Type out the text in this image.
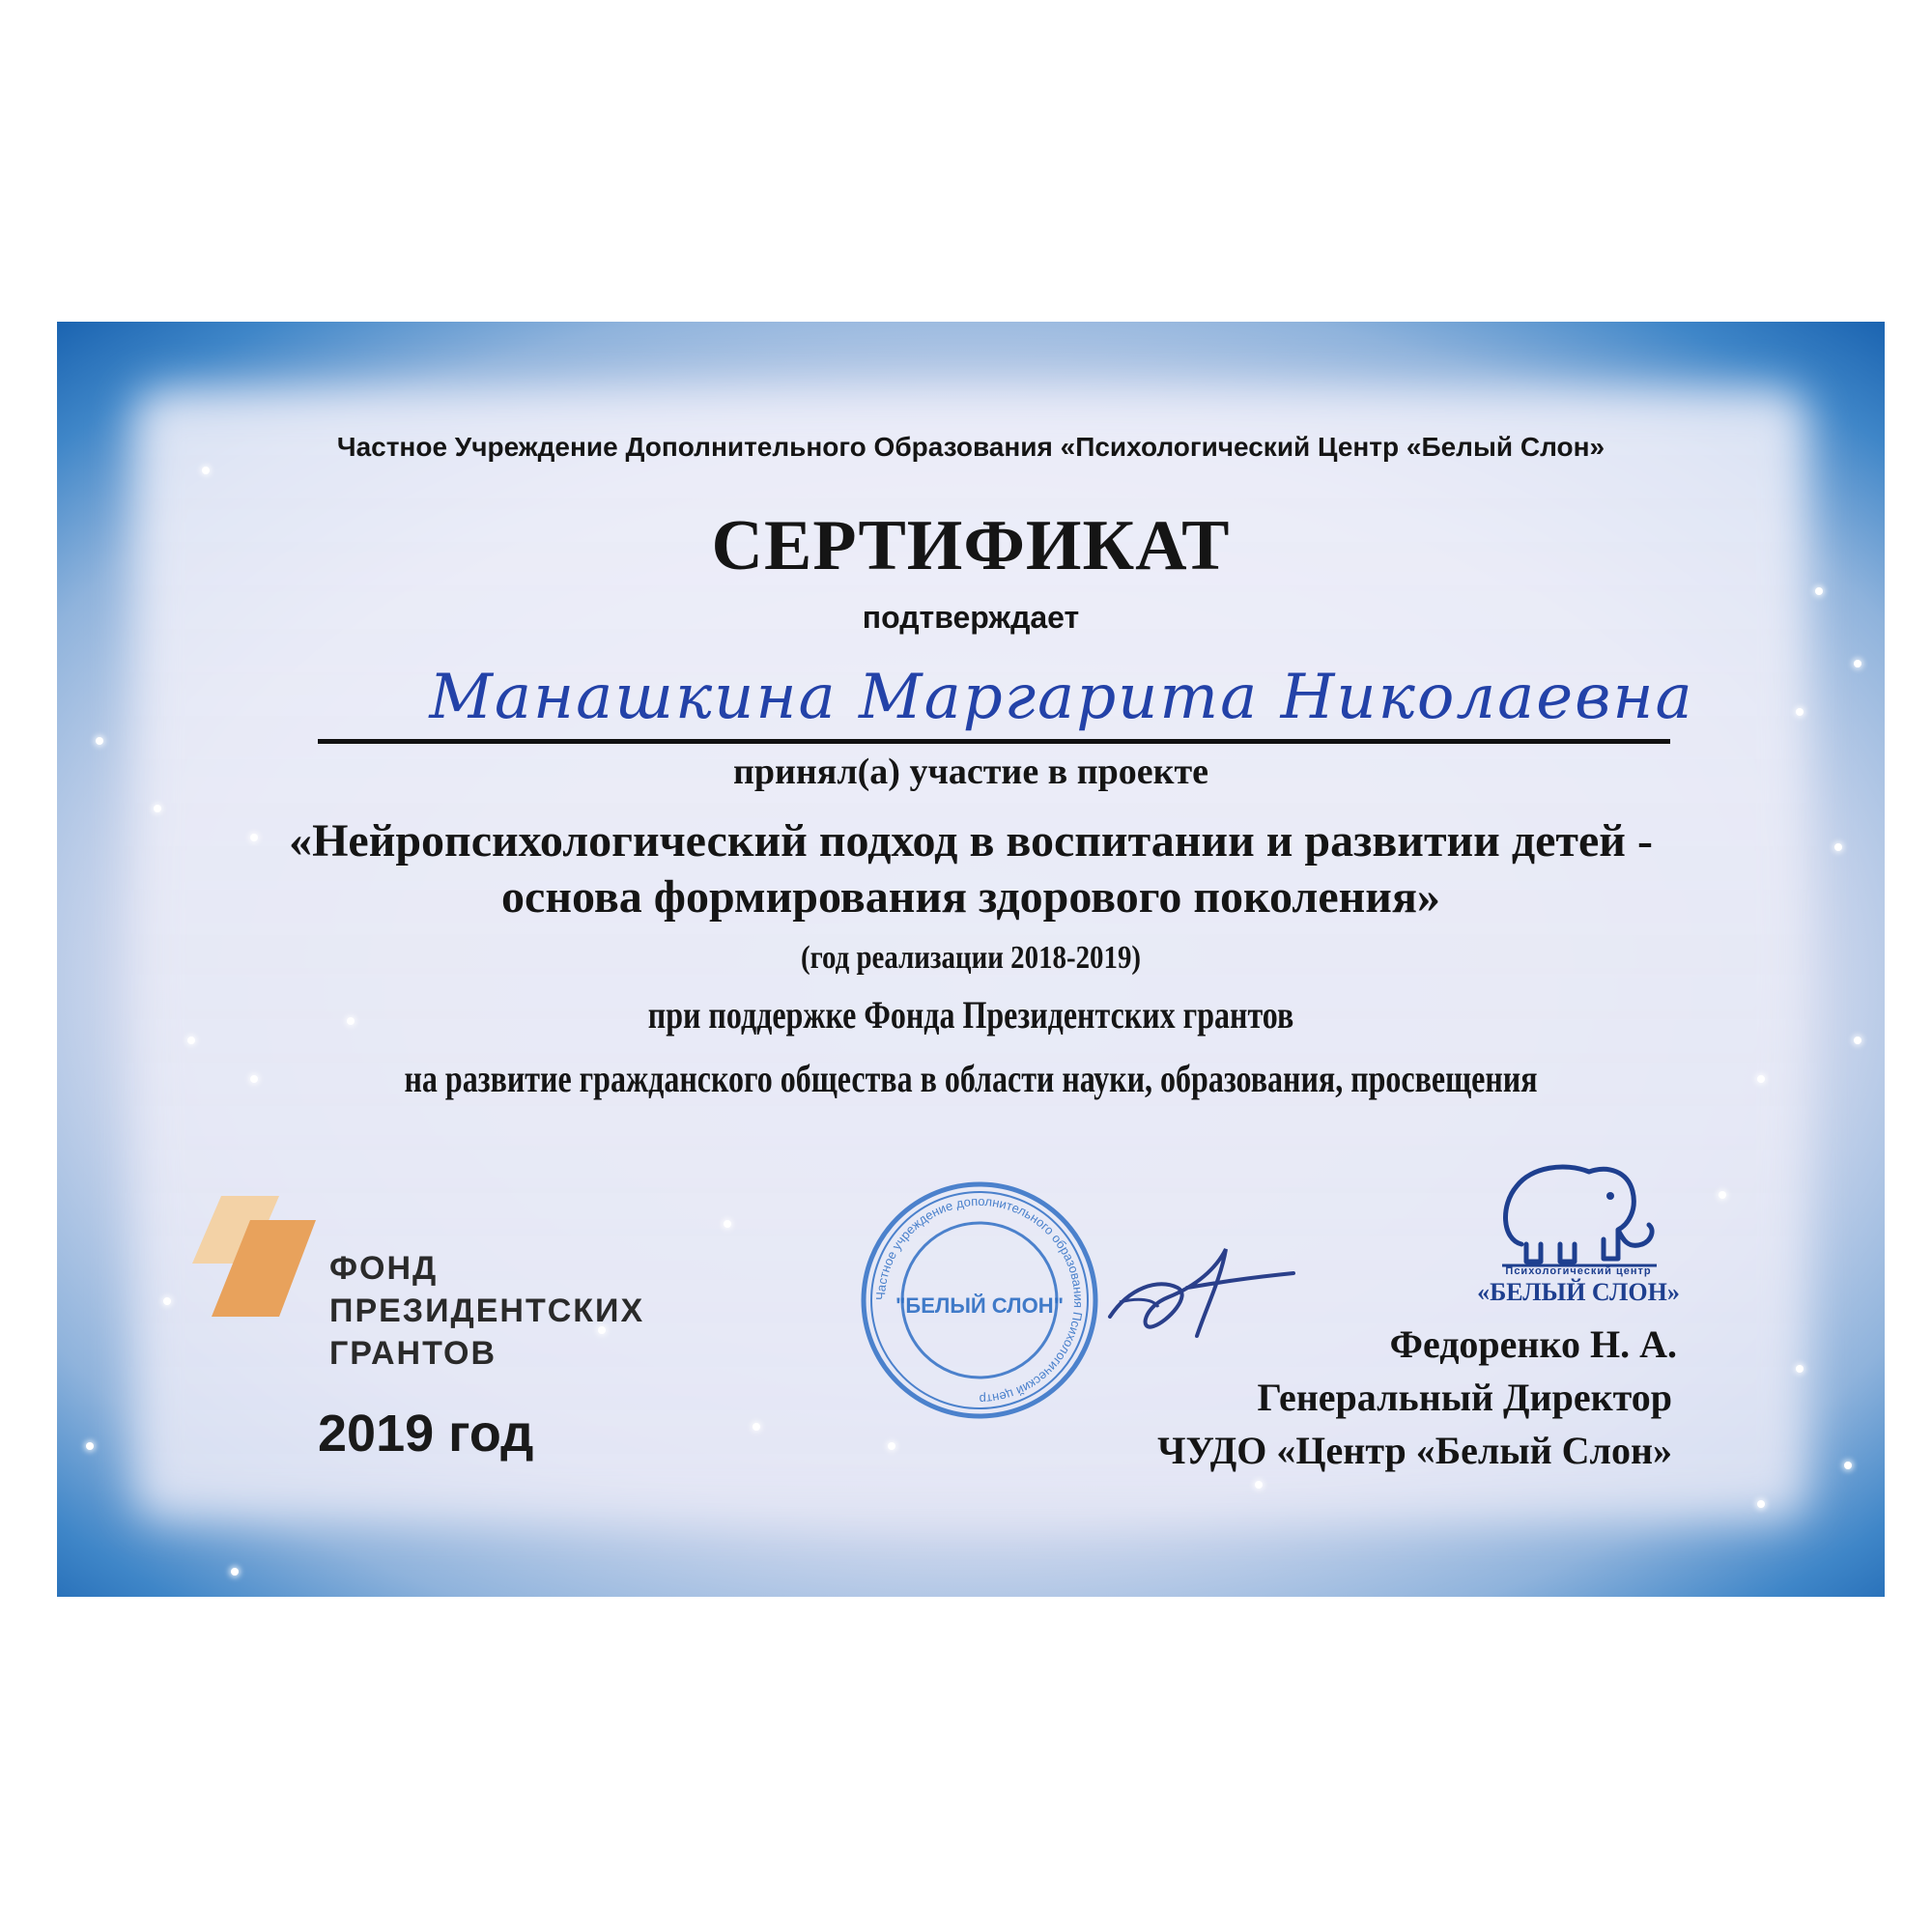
Частное Учреждение Дополнительного Образования «Психологический Центр «Белый Слон»
СЕРТИФИКАТ
подтверждает
Манашкина Маргарита Николаевна
принял(а) участие в проекте
«Нейропсихологический подход в воспитании и развитии детей -
основа формирования здорового поколения»
(год реализации 2018-2019)
при поддержке Фонда Президентских грантов
на развитие гражданского общества в области науки, образования, просвещения
ФОНД
ПРЕЗИДЕНТСКИХ
ГРАНТОВ
2019 год
Частное учреждение дополнительного образования Психологический центр
"БЕЛЫЙ СЛОН"
Психологический центр
«БЕЛЫЙ СЛОН»
Федоренко Н. А.
Генеральный Директор
ЧУДО «Центр «Белый Слон»
